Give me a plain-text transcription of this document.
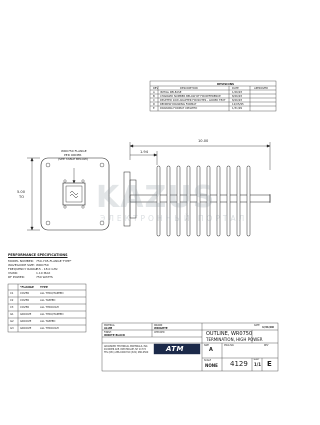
REVISIONS
REV	DESCRIPTION	DATE	APPROVED
A INITIAL RELEASE	1/26/93
B CHANGED NUMBER BELOW RF FIN REFERENCE	8/26/93
C DELETED 10W ADAPTER FIN NOTES - ADDED TEXT 8/26/93
D REDREW DRAWING FORMAT	12/05/95
E DRAWING FORMAT UPDATED	1/31/99
WR0750 FLANGE
PER ORDER
(SEE TABLE BELOW)
10.00
1.94
5.00
TO
PERFORMANCE SPECIFICATIONS
MODEL NUMBER: 750-745-FLANGE TYPE*
WAVEGUIDE SIZE: WR0750
FREQUENCY RANGE:
7.5 - 18.0 GHz
VSWR:	1.10 MAX
RF POWER:	750 WATTS
*FLANGE TYPE
C1	COVER	ALL THRU/TAPPED
C2	COVER	ALL TAPPED
C3	COVER	ALL THROUGH
G1 GROOVE	ALL THRU/TAPPED
G2 GROOVE	ALL TAPPED
G3 GROOVE	ALL THROUGH
MATERIAL
ALUM
DRAWN
WRIGHTE
FINISH
IRIDITE BLACK
CHECKED
DATE 1/31/99
ADVANCED TECHNICAL MATERIALS, INC.
49 RIDER AVE. PATCHOGUE, NY 11772
TEL (631) 286-0200 FAX (631) 286-0500	ATM
OUTLINE, WR0750
TERMINATION, HIGH POWER
SIZE
A
DWG NO.	REV
SCALE
NONE 4129	SHEET
1/1 E
KAZUS
ЭЛЕКТРОННЫЙ ПОРТАЛ
